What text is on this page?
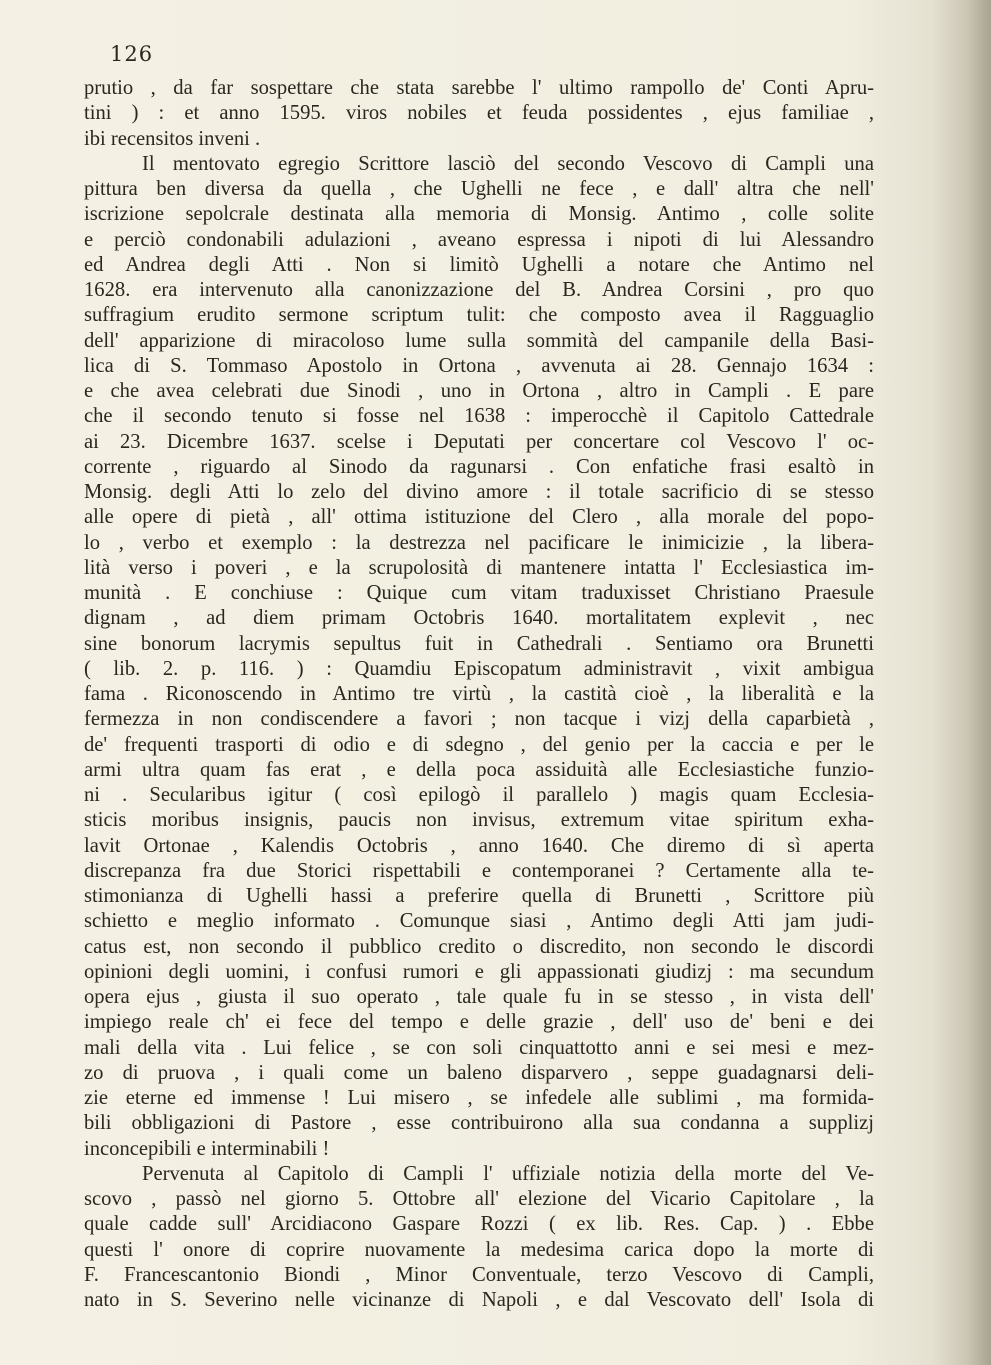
126
prutio , da far sospettare che stata sarebbe l' ultimo rampollo de' Conti Apru-
tini ) : et anno 1595. viros nobiles et feuda possidentes , ejus familiae ,
ibi recensitos inveni .
Il mentovato egregio Scrittore lasciò del secondo Vescovo di Campli una
pittura ben diversa da quella , che Ughelli ne fece , e dall' altra che nell'
iscrizione sepolcrale destinata alla memoria di Monsig. Antimo , colle solite
e perciò condonabili adulazioni , aveano espressa i nipoti di lui Alessandro
ed Andrea degli Atti . Non si limitò Ughelli a notare che Antimo nel
1628. era intervenuto alla canonizzazione del B. Andrea Corsini , pro quo
suffragium erudito sermone scriptum tulit: che composto avea il Ragguaglio
dell' apparizione di miracoloso lume sulla sommità del campanile della Basi-
lica di S. Tommaso Apostolo in Ortona , avvenuta ai 28. Gennajo 1634 :
e che avea celebrati due Sinodi , uno in Ortona , altro in Campli . E pare
che il secondo tenuto si fosse nel 1638 : imperocchè il Capitolo Cattedrale
ai 23. Dicembre 1637. scelse i Deputati per concertare col Vescovo l' oc-
corrente , riguardo al Sinodo da ragunarsi . Con enfatiche frasi esaltò in
Monsig. degli Atti lo zelo del divino amore : il totale sacrificio di se stesso
alle opere di pietà , all' ottima istituzione del Clero , alla morale del popo-
lo , verbo et exemplo : la destrezza nel pacificare le inimicizie , la libera-
lità verso i poveri , e la scrupolosità di mantenere intatta l' Ecclesiastica im-
munità . E conchiuse : Quique cum vitam traduxisset Christiano Praesule
dignam , ad diem primam Octobris 1640. mortalitatem explevit , nec
sine bonorum lacrymis sepultus fuit in Cathedrali . Sentiamo ora Brunetti
( lib. 2. p. 116. ) : Quamdiu Episcopatum administravit , vixit ambigua
fama . Riconoscendo in Antimo tre virtù , la castità cioè , la liberalità e la
fermezza in non condiscendere a favori ; non tacque i vizj della caparbietà ,
de' frequenti trasporti di odio e di sdegno , del genio per la caccia e per le
armi ultra quam fas erat , e della poca assiduità alle Ecclesiastiche funzio-
ni . Secularibus igitur ( così epilogò il parallelo ) magis quam Ecclesia-
sticis moribus insignis, paucis non invisus, extremum vitae spiritum exha-
lavit Ortonae , Kalendis Octobris , anno 1640. Che diremo di sì aperta
discrepanza fra due Storici rispettabili e contemporanei ? Certamente alla te-
stimonianza di Ughelli hassi a preferire quella di Brunetti , Scrittore più
schietto e meglio informato . Comunque siasi , Antimo degli Atti jam judi-
catus est, non secondo il pubblico credito o discredito, non secondo le discordi
opinioni degli uomini, i confusi rumori e gli appassionati giudizj : ma secundum
opera ejus , giusta il suo operato , tale quale fu in se stesso , in vista dell'
impiego reale ch' ei fece del tempo e delle grazie , dell' uso de' beni e dei
mali della vita . Lui felice , se con soli cinquattotto anni e sei mesi e mez-
zo di pruova , i quali come un baleno disparvero , seppe guadagnarsi deli-
zie eterne ed immense ! Lui misero , se infedele alle sublimi , ma formida-
bili obbligazioni di Pastore , esse contribuirono alla sua condanna a supplizj
inconcepibili e interminabili !
Pervenuta al Capitolo di Campli l' uffiziale notizia della morte del Ve-
scovo , passò nel giorno 5. Ottobre all' elezione del Vicario Capitolare , la
quale cadde sull' Arcidiacono Gaspare Rozzi ( ex lib. Res. Cap. ) . Ebbe
questi l' onore di coprire nuovamente la medesima carica dopo la morte di
F. Francescantonio Biondi , Minor Conventuale, terzo Vescovo di Campli,
nato in S. Severino nelle vicinanze di Napoli , e dal Vescovato dell' Isola di
